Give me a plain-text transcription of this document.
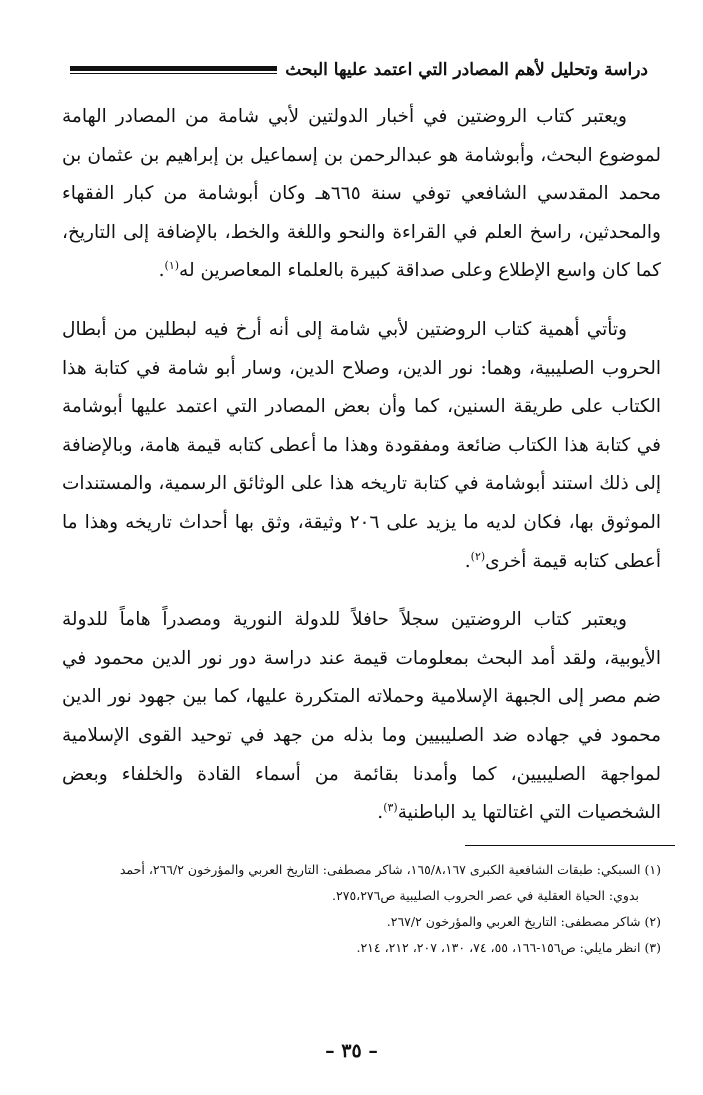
دراسة وتحليل لأهم المصادر التي اعتمد عليها البحث

ويعتبر كتاب الروضتين في أخبار الدولتين لأبي شامة من المصادر الهامة لموضوع البحث، وأبوشامة هو عبدالرحمن بن إسماعيل بن إبراهيم بن عثمان بن محمد المقدسي الشافعي توفي سنة ٦٦٥هـ وكان أبوشامة من كبار الفقهاء والمحدثين، راسخ العلم في القراءة والنحو واللغة والخط، بالإضافة إلى التاريخ، كما كان واسع الإطلاع وعلى صداقة كبيرة بالعلماء المعاصرين له$^{(١)}$.

وتأتي أهمية كتاب الروضتين لأبي شامة إلى أنه أرخ فيه لبطلين من أبطال الحروب الصليبية، وهما: نور الدين، وصلاح الدين، وسار أبو شامة في كتابة هذا الكتاب على طريقة السنين، كما وأن بعض المصادر التي اعتمد عليها أبوشامة في كتابة هذا الكتاب ضائعة ومفقودة وهذا ما أعطى كتابه قيمة هامة، وبالإضافة إلى ذلك استند أبوشامة في كتابة تاريخه هذا على الوثائق الرسمية، والمستندات الموثوق بها، فكان لديه ما يزيد على ٢٠٦ وثيقة، وثق بها أحداث تاريخه وهذا ما أعطى كتابه قيمة أخرى$^{(٢)}$.

ويعتبر كتاب الروضتين سجلاً حافلاً للدولة النورية ومصدراً هاماً للدولة الأيوبية، ولقد أمد البحث بمعلومات قيمة عند دراسة دور نور الدين محمود في ضم مصر إلى الجبهة الإسلامية وحملاته المتكررة عليها، كما بين جهود نور الدين محمود في جهاده ضد الصليبيين وما بذله من جهد في توحيد القوى الإسلامية لمواجهة الصليبيين، كما وأمدنا بقائمة من أسماء القادة والخلفاء وبعض الشخصيات التي اغتالتها يد الباطنية$^{(٣)}$.

(١) السبكي: طبقات الشافعية الكبرى ١٦٥/٨،١٦٧، شاكر مصطفى: التاريخ العربي والمؤرخون ٢٦٦/٢، أحمد

بدوي: الحياة العقلية في عصر الحروب الصليبية ص٢٧٥،٢٧٦.

(٢) شاكر مصطفى: التاريخ العربي والمؤرخون ٢٦٧/٢.

(٣) انظر مايلي: ص١٥٦-١٦٦، ٥٥، ٧٤، ١٣٠، ٢٠٧، ٢١٢، ٢١٤.

– ٣٥ –
